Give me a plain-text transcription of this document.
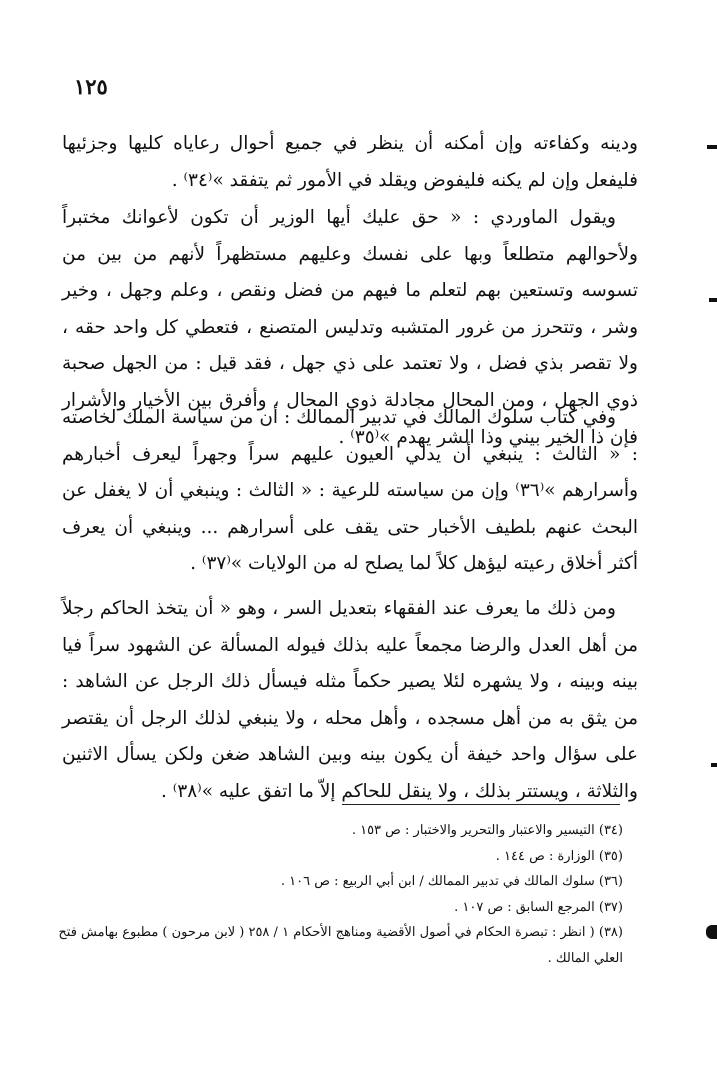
١٢٥

ودينه وكفاءته وإن أمكنه أن ينظر في جميع أحوال رعاياه كليها وجزئيها فليفعل وإن لم يكنه فليفوض ويقلد في الأمور ثم يتفقد »⁽٣٤⁾ .

ويقول الماوردي : « حق عليك أيها الوزير أن تكون لأعوانك مختبراً ولأحوالهم متطلعاً وبها على نفسك وعليهم مستظهراً لأنهم من بين من تسوسه وتستعين بهم لتعلم ما فيهم من فضل ونقص ، وعلم وجهل ، وخير وشر ، وتتحرز من غرور المتشبه وتدليس المتصنع ، فتعطي كل واحد حقه ، ولا تقصر بذي فضل ، ولا تعتمد على ذي جهل ، فقد قيل : من الجهل صحبة ذوي الجهل ، ومن المحال مجادلة ذوي المحال ، وأفرق بين الأخيار والأشرار فإن ذا الخير بيني وذا الشر يهدم »⁽٣٥⁾ .

وفي كتاب سلوك المالك في تدبير الممالك : أن من سياسة الملك لخاصته : « الثالث : ينبغي أن يدلي العيون عليهم سراً وجهراً ليعرف أخبارهم وأسرارهم »⁽٣٦⁾ وإن من سياسته للرعية : « الثالث : وينبغي أن لا يغفل عن البحث عنهم بلطيف الأخبار حتى يقف على أسرارهم ... وينبغي أن يعرف أكثر أخلاق رعيته ليؤهل كلاً لما يصلح له من الولايات »⁽٣٧⁾ .

ومن ذلك ما يعرف عند الفقهاء بتعديل السر ، وهو « أن يتخذ الحاكم رجلاً من أهل العدل والرضا مجمعاً عليه بذلك فيوله المسألة عن الشهود سراً فيا بينه وبينه ، ولا يشهره لئلا يصير حكماً مثله فيسأل ذلك الرجل عن الشاهد : من يثق به من أهل مسجده ، وأهل محله ، ولا ينبغي لذلك الرجل أن يقتصر على سؤال واحد خيفة أن يكون بينه وبين الشاهد ضغن ولكن يسأل الاثنين والثلاثة ، ويستتر بذلك ، ولا ينقل للحاكم إلاّ ما اتفق عليه »⁽٣٨⁾ .

(٣٤) التيسير والاعتبار والتحرير والاختبار : ص ١٥٣ .

(٣٥) الوزارة : ص ١٤٤ .

(٣٦) سلوك المالك في تدبير الممالك / ابن أبي الربيع : ص ١٠٦ .

(٣٧) المرجع السابق : ص ١٠٧ .

(٣٨) ( انظر : تبصرة الحكام في أصول الأقضية ومناهج الأحكام ١ / ٢٥٨ ( لابن مرحون ) مطبوع بهامش فتح العلي المالك .
